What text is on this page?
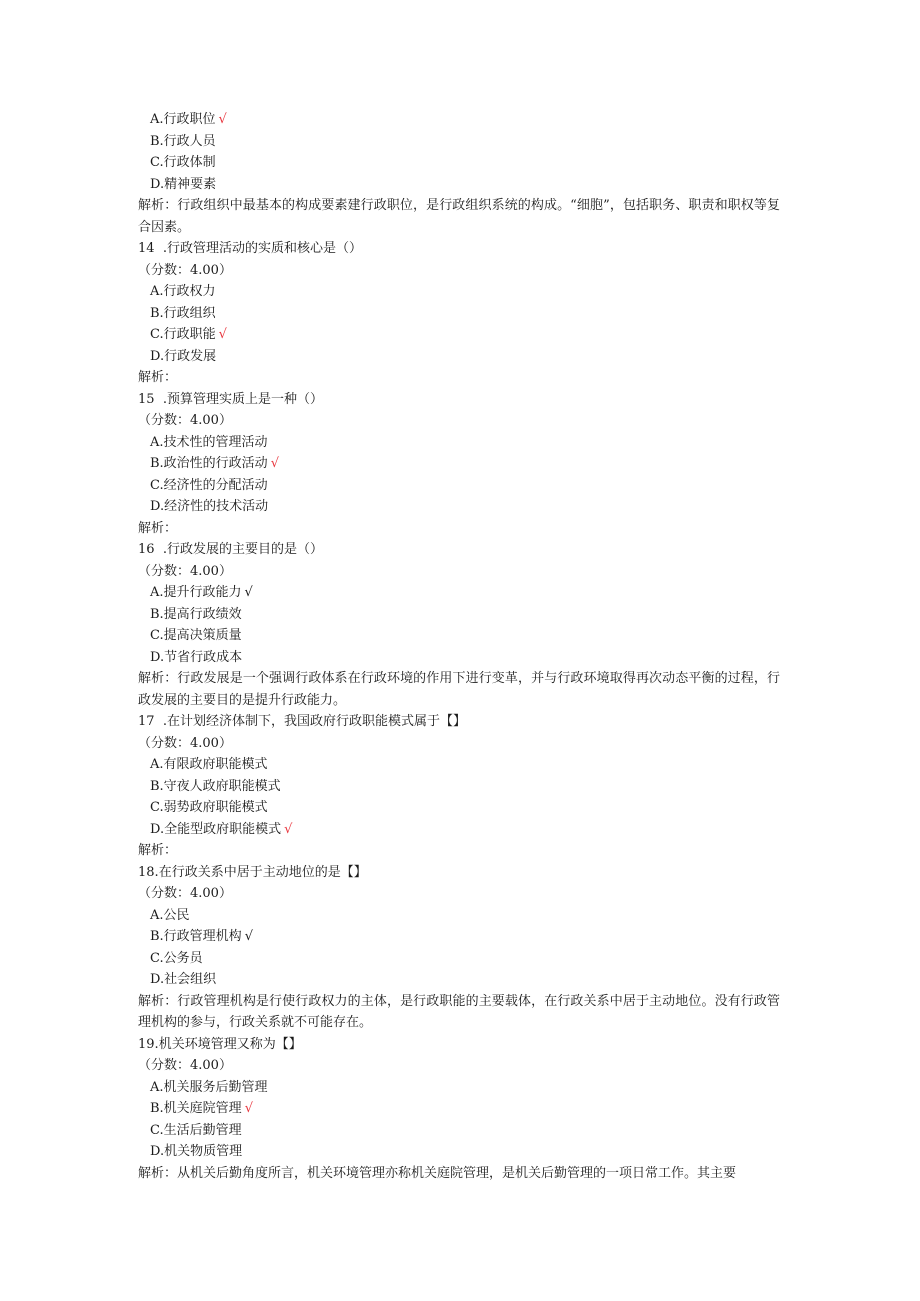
A.行政职位 √
B.行政人员
C.行政体制
D.精神要素
解析：行政组织中最基本的构成要素建行政职位，是行政组织系统的构成。“细胞”，包括职务、职责和职权等复合因素。
14 .行政管理活动的实质和核心是（）
（分数：4.00）
A.行政权力
B.行政组织
C.行政职能 √
D.行政发展
解析：
15 .预算管理实质上是一种（）
（分数：4.00）
A.技术性的管理活动
B.政治性的行政活动 √
C.经济性的分配活动
D.经济性的技术活动
解析：
16 .行政发展的主要目的是（）
（分数：4.00）
A.提升行政能力 √
B.提高行政绩效
C.提高决策质量
D.节省行政成本
解析：行政发展是一个强调行政体系在行政环境的作用下进行变革，并与行政环境取得再次动态平衡的过程，行政发展的主要目的是提升行政能力。
17 .在计划经济体制下，我国政府行政职能模式属于【】
（分数：4.00）
A.有限政府职能模式
B.守夜人政府职能模式
C.弱势政府职能模式
D.全能型政府职能模式 √
解析：
18.在行政关系中居于主动地位的是【】
（分数：4.00）
A.公民
B.行政管理机构 √
C.公务员
D.社会组织
解析：行政管理机构是行使行政权力的主体，是行政职能的主要载体，在行政关系中居于主动地位。没有行政管理机构的参与，行政关系就不可能存在。
19.机关环境管理又称为【】
（分数：4.00）
A.机关服务后勤管理
B.机关庭院管理 √
C.生活后勤管理
D.机关物质管理
解析：从机关后勤角度所言，机关环境管理亦称机关庭院管理，是机关后勤管理的一项日常工作。其主要
